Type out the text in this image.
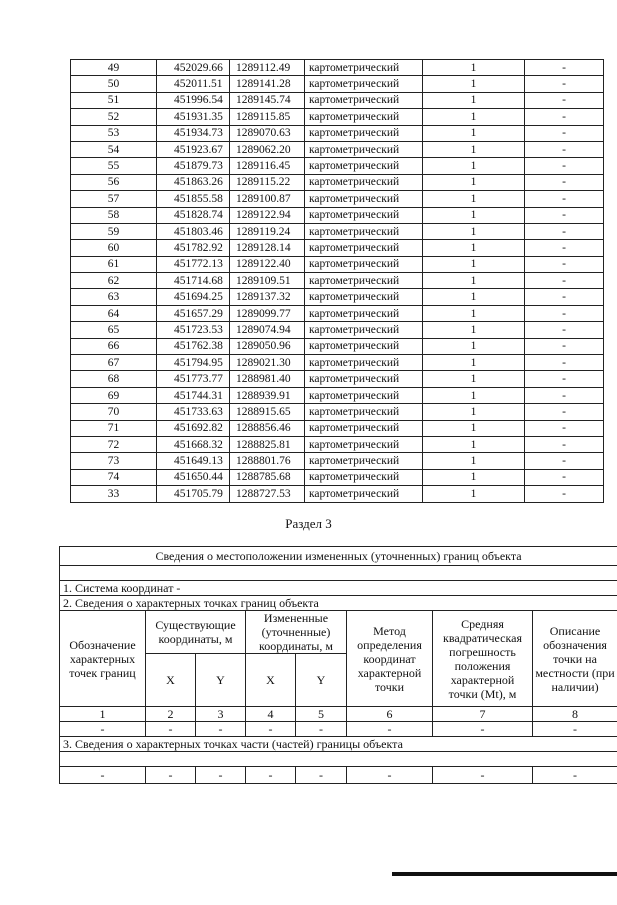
49	452029.66	1289112.49	картометрический	1	-
50	452011.51	1289141.28	картометрический	1	-
51	451996.54	1289145.74	картометрический	1	-
52	451931.35	1289115.85	картометрический	1	-
53	451934.73	1289070.63	картометрический	1	-
54	451923.67	1289062.20	картометрический	1	-
55	451879.73	1289116.45	картометрический	1	-
56	451863.26	1289115.22	картометрический	1	-
57	451855.58	1289100.87	картометрический	1	-
58	451828.74	1289122.94	картометрический	1	-
59	451803.46	1289119.24	картометрический	1	-
60	451782.92	1289128.14	картометрический	1	-
61	451772.13	1289122.40	картометрический	1	-
62	451714.68	1289109.51	картометрический	1	-
63	451694.25	1289137.32	картометрический	1	-
64	451657.29	1289099.77	картометрический	1	-
65	451723.53	1289074.94	картометрический	1	-
66	451762.38	1289050.96	картометрический	1	-
67	451794.95	1289021.30	картометрический	1	-
68	451773.77	1288981.40	картометрический	1	-
69	451744.31	1288939.91	картометрический	1	-
70	451733.63	1288915.65	картометрический	1	-
71	451692.82	1288856.46	картометрический	1	-
72	451668.32	1288825.81	картометрический	1	-
73	451649.13	1288801.76	картометрический	1	-
74	451650.44	1288785.68	картометрический	1	-
33	451705.79	1288727.53	картометрический	1	-
Раздел 3
Сведения о местоположении измененных (уточненных) границ объекта							

1. Система координат -							
2. Сведения о характерных точках границ объекта							
Обозначение характерных точек границ	Существующие координаты, м		Измененные (уточненные) координаты, м		Метод определения координат характерной точки	Средняя квадратическая погрешность положения характерной точки (Mt), м	Описание обозначения точки на местности (при наличии)
	X	Y	X	Y			
1	2	3	4	5	6	7	8
-	-	-	-	-	-	-	-
3. Сведения о характерных точках части (частей) границы объекта							

-	-	-	-	-	-	-	-
